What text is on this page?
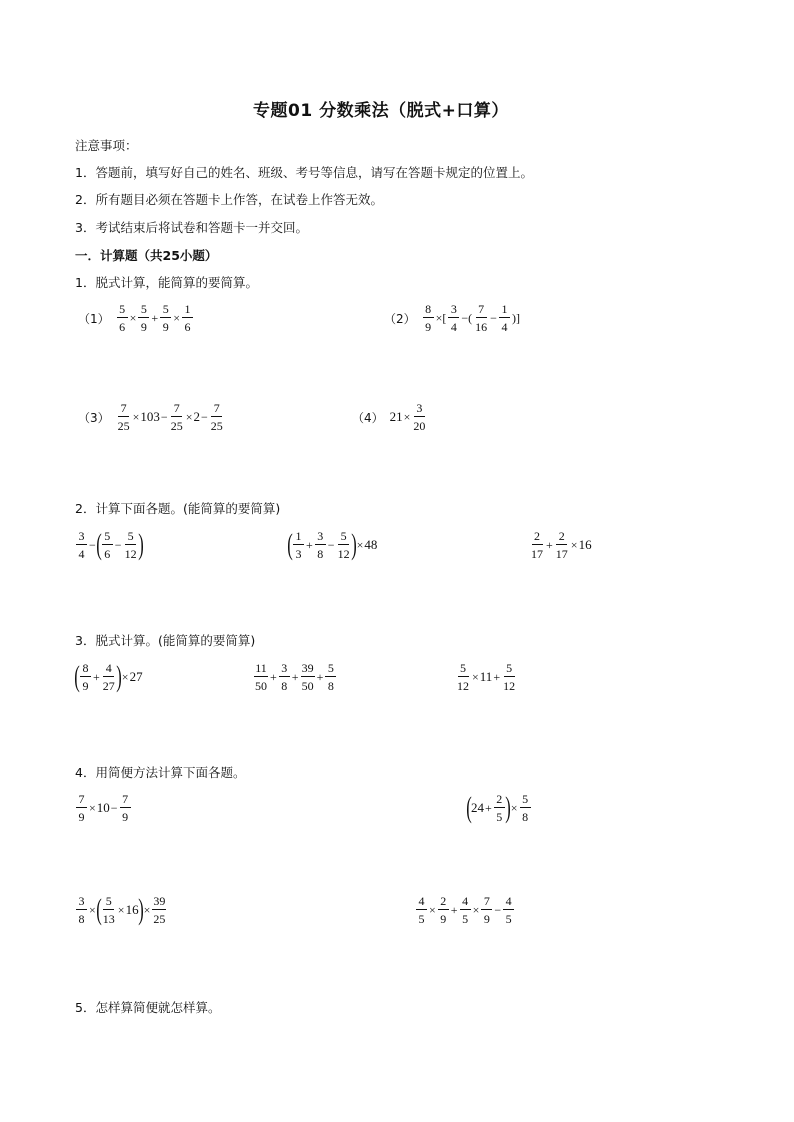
专题01 分数乘法（脱式+口算）
注意事项：
1．答题前，填写好自己的姓名、班级、考号等信息，请写在答题卡规定的位置上。
2．所有题目必须在答题卡上作答，在试卷上作答无效。
3．考试结束后将试卷和答题卡一并交回。
一．计算题（共25小题）
1．脱式计算，能简算的要简算。
$(1) \frac{5}{6} \times \frac{5}{9} + \frac{5}{9} \times \frac{1}{6}$	$(2) \frac{8}{9}$ ×[ $\frac{3}{4}$ −( $\frac{7}{16} - \frac{1}{4}$ )]
$(3) \frac{7}{25} \times 103 - \frac{7}{25} \times 2 - \frac{7}{25}$	（4） $21 \times \frac{3}{20}$
2．计算下面各题。(能简算的要简算)
$\frac{3}{4}$ − ( $\frac{5}{6} - \frac{5}{12}$ )	( $\frac{1}{3} + \frac{3}{8} - \frac{5}{12}$ ) × 48	$\frac{2}{17} + \frac{2}{17} \times 16$
3．脱式计算。(能简算的要简算)
( $\frac{8}{9} + \frac{4}{27}$ ) × 27	$\frac{11}{50} + \frac{3}{8} + \frac{39}{50} + \frac{5}{8}$	$\frac{5}{12} \times 11 + \frac{5}{12}$
4．用简便方法计算下面各题。
$\frac{7}{9} \times 10 - \frac{7}{9}$	( $24 + \frac{2}{5}$ ) × $\frac{5}{8}$
$\frac{3}{8}$ × ( $\frac{5}{13} \times 16$ ) × $\frac{39}{25}$	$\frac{4}{5} \times \frac{2}{9} + \frac{4}{5} \times \frac{7}{9} - \frac{4}{5}$
5．怎样算简便就怎样算。
